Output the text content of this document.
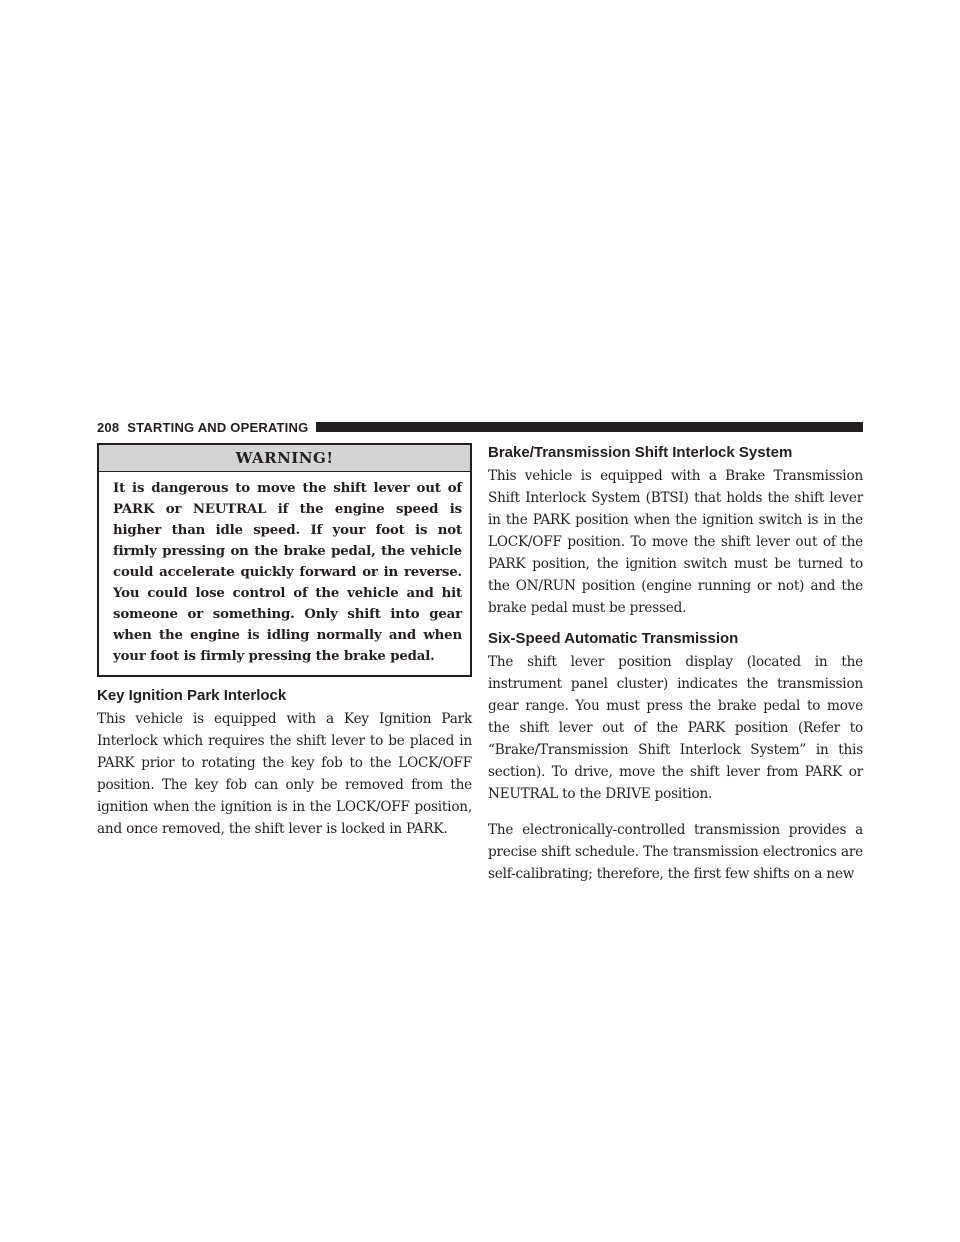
208 STARTING AND OPERATING
WARNING!
It is dangerous to move the shift lever out of PARK or NEUTRAL if the engine speed is higher than idle speed. If your foot is not firmly pressing on the brake pedal, the vehicle could accelerate quickly forward or in reverse. You could lose control of the vehicle and hit someone or something. Only shift into gear when the engine is idling normally and when your foot is firmly pressing the brake pedal.
Key Ignition Park Interlock

This vehicle is equipped with a Key Ignition Park Interlock which requires the shift lever to be placed in PARK prior to rotating the key fob to the LOCK/OFF position. The key fob can only be removed from the ignition when the ignition is in the LOCK/OFF position, and once removed, the shift lever is locked in PARK.

Brake/Transmission Shift Interlock System

This vehicle is equipped with a Brake Transmission Shift Interlock System (BTSI) that holds the shift lever in the PARK position when the ignition switch is in the LOCK/OFF position. To move the shift lever out of the PARK position, the ignition switch must be turned to the ON/RUN position (engine running or not) and the brake pedal must be pressed.

Six-Speed Automatic Transmission

The shift lever position display (located in the instrument panel cluster) indicates the transmission gear range. You must press the brake pedal to move the shift lever out of the PARK position (Refer to “Brake/Transmission Shift Interlock System” in this section). To drive, move the shift lever from PARK or NEUTRAL to the DRIVE position.

The electronically-controlled transmission provides a precise shift schedule. The transmission electronics are self-calibrating; therefore, the first few shifts on a new
